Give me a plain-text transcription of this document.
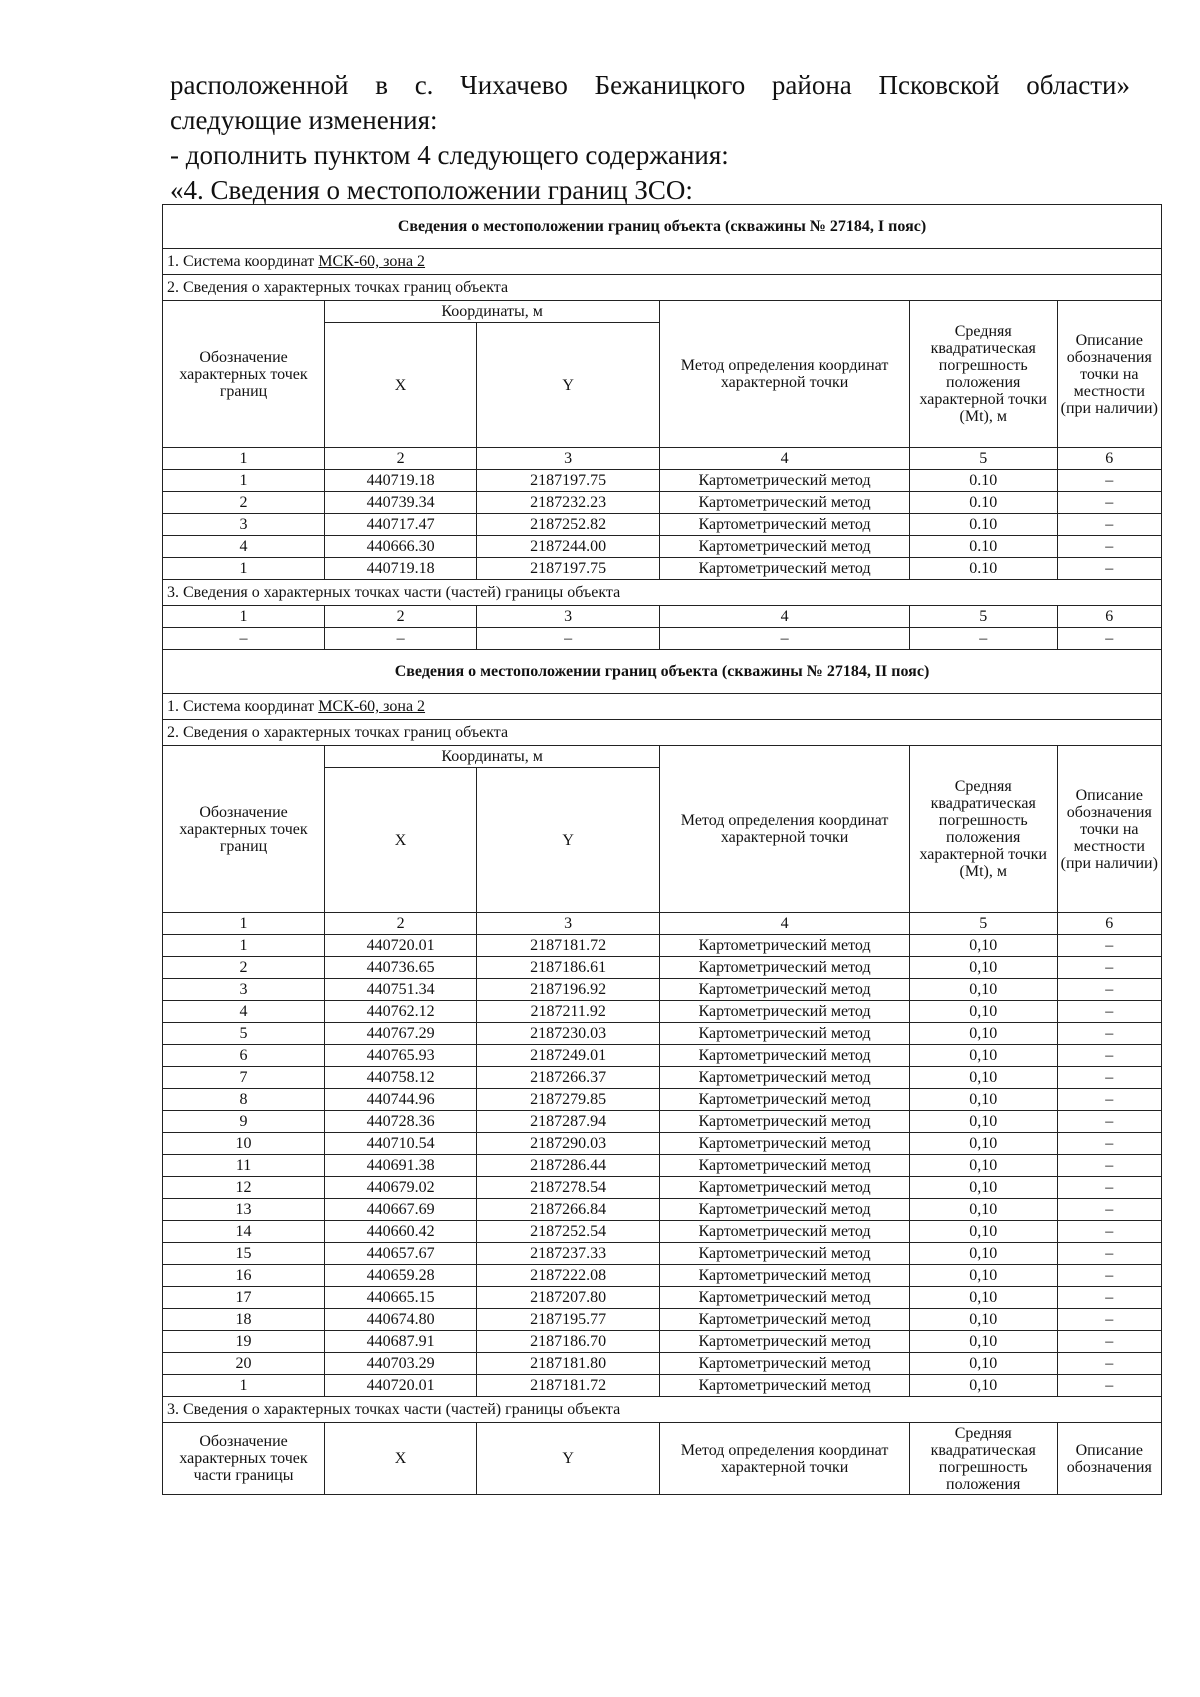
расположенной в с. Чихачево Бежаницкого района Псковской области»
следующие изменения:
- дополнить пунктом 4 следующего содержания:
«4. Сведения о местоположении границ ЗСО:
Сведения о местоположении границ объекта (скважины № 27184, I пояс)					
1. Система координат МСК-60, зона 2					
2. Сведения о характерных точках границ объекта					
Обозначение характерных точек границ	Координаты, м		Метод определения координат характерной точки	Средняя квадратическая погрешность положения характерной точки (Mt), м	Описание обозначения точки на местности (при наличии)
	X	Y			
1	2	3	4	5	6
1	440719.18	2187197.75	Картометрический метод	0.10	–
2	440739.34	2187232.23	Картометрический метод	0.10	–
3	440717.47	2187252.82	Картометрический метод	0.10	–
4	440666.30	2187244.00	Картометрический метод	0.10	–
1	440719.18	2187197.75	Картометрический метод	0.10	–
3. Сведения о характерных точках части (частей) границы объекта					
1	2	3	4	5	6
–	–	–	–	–	–
Сведения о местоположении границ объекта (скважины № 27184, II пояс)					
1. Система координат МСК-60, зона 2					
2. Сведения о характерных точках границ объекта					
Обозначение характерных точек границ	Координаты, м		Метод определения координат характерной точки	Средняя квадратическая погрешность положения характерной точки (Mt), м	Описание обозначения точки на местности (при наличии)
	X	Y			
1	2	3	4	5	6
1	440720.01	2187181.72	Картометрический метод	0,10	–
2	440736.65	2187186.61	Картометрический метод	0,10	–
3	440751.34	2187196.92	Картометрический метод	0,10	–
4	440762.12	2187211.92	Картометрический метод	0,10	–
5	440767.29	2187230.03	Картометрический метод	0,10	–
6	440765.93	2187249.01	Картометрический метод	0,10	–
7	440758.12	2187266.37	Картометрический метод	0,10	–
8	440744.96	2187279.85	Картометрический метод	0,10	–
9	440728.36	2187287.94	Картометрический метод	0,10	–
10	440710.54	2187290.03	Картометрический метод	0,10	–
11	440691.38	2187286.44	Картометрический метод	0,10	–
12	440679.02	2187278.54	Картометрический метод	0,10	–
13	440667.69	2187266.84	Картометрический метод	0,10	–
14	440660.42	2187252.54	Картометрический метод	0,10	–
15	440657.67	2187237.33	Картометрический метод	0,10	–
16	440659.28	2187222.08	Картометрический метод	0,10	–
17	440665.15	2187207.80	Картометрический метод	0,10	–
18	440674.80	2187195.77	Картометрический метод	0,10	–
19	440687.91	2187186.70	Картометрический метод	0,10	–
20	440703.29	2187181.80	Картометрический метод	0,10	–
1	440720.01	2187181.72	Картометрический метод	0,10	–
3. Сведения о характерных точках части (частей) границы объекта					
Обозначение характерных точек части границы	X	Y	Метод определения координат характерной точки	Средняя квадратическая погрешность положения	Описание обозначения
